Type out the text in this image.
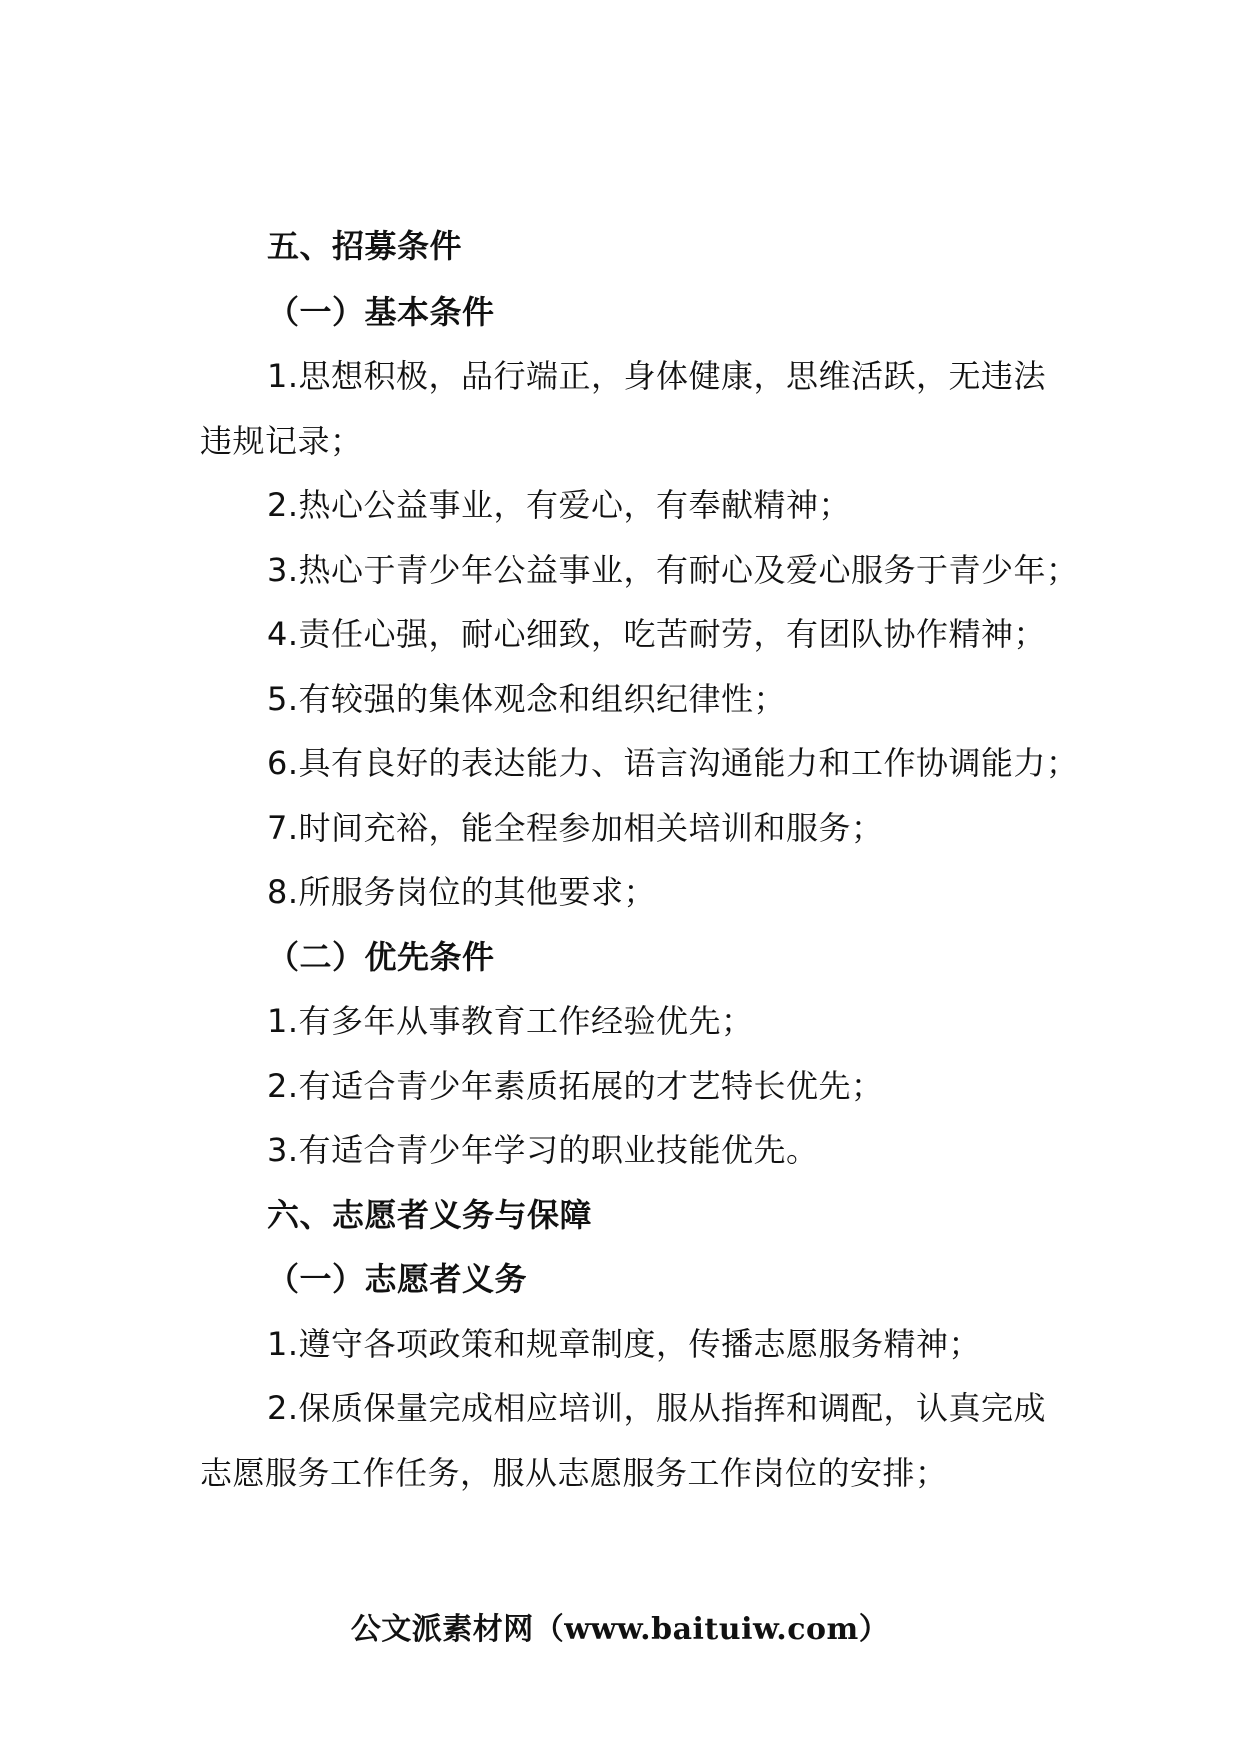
五、招募条件
（一）基本条件
1.思想积极，品行端正，身体健康，思维活跃，无违法
违规记录；
2.热心公益事业，有爱心，有奉献精神；
3.热心于青少年公益事业，有耐心及爱心服务于青少年；
4.责任心强，耐心细致，吃苦耐劳，有团队协作精神；
5.有较强的集体观念和组织纪律性；
6.具有良好的表达能力、语言沟通能力和工作协调能力；
7.时间充裕，能全程参加相关培训和服务；
8.所服务岗位的其他要求；
（二）优先条件
1.有多年从事教育工作经验优先；
2.有适合青少年素质拓展的才艺特长优先；
3.有适合青少年学习的职业技能优先。
六、志愿者义务与保障
（一）志愿者义务
1.遵守各项政策和规章制度，传播志愿服务精神；
2.保质保量完成相应培训，服从指挥和调配，认真完成
志愿服务工作任务，服从志愿服务工作岗位的安排；
公文派素材网（www.baituiw.com）
